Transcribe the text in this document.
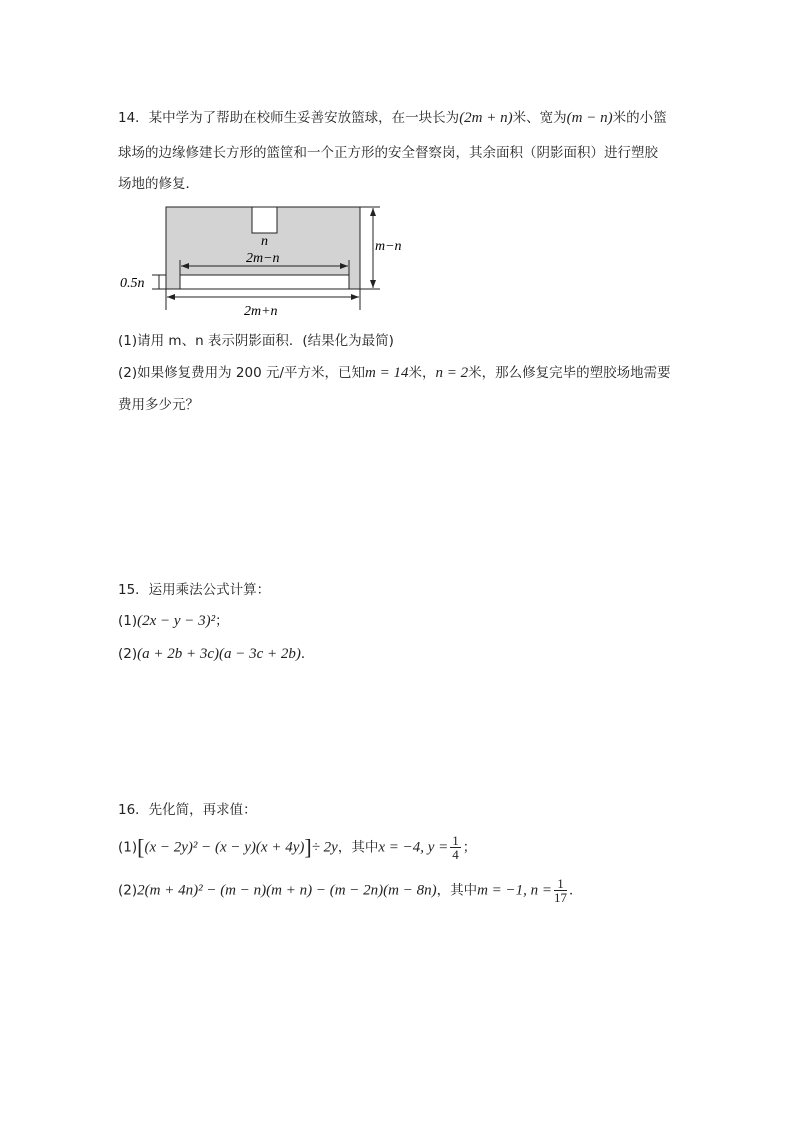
14．某中学为了帮助在校师生妥善安放篮球，在一块长为(2m + n)米、宽为(m − n)米的小篮
球场的边缘修建长方形的篮筐和一个正方形的安全督察岗，其余面积（阴影面积）进行塑胶
场地的修复．
n
2m−n
m−n
0.5n
2m+n
(1)请用 m、n 表示阴影面积．(结果化为最简)
(2)如果修复费用为 200 元/平方米，已知m = 14米，n = 2米，那么修复完毕的塑胶场地需要
费用多少元？
15．运用乘法公式计算：
(1)(2x − y − 3)²；
(2)(a + 2b + 3c)(a − 3c + 2b)．
16．先化简，再求值：
(1)[(x − 2y)² − (x − y)(x + 4y)]÷ 2y，其中x = −4, $y = \frac{1}{4}$ ；
(2)2(m + 4n)² − (m − n)(m + n) − (m − 2n)(m − 8n)，其中m = −1, $n = \frac{1}{17}$ ．
